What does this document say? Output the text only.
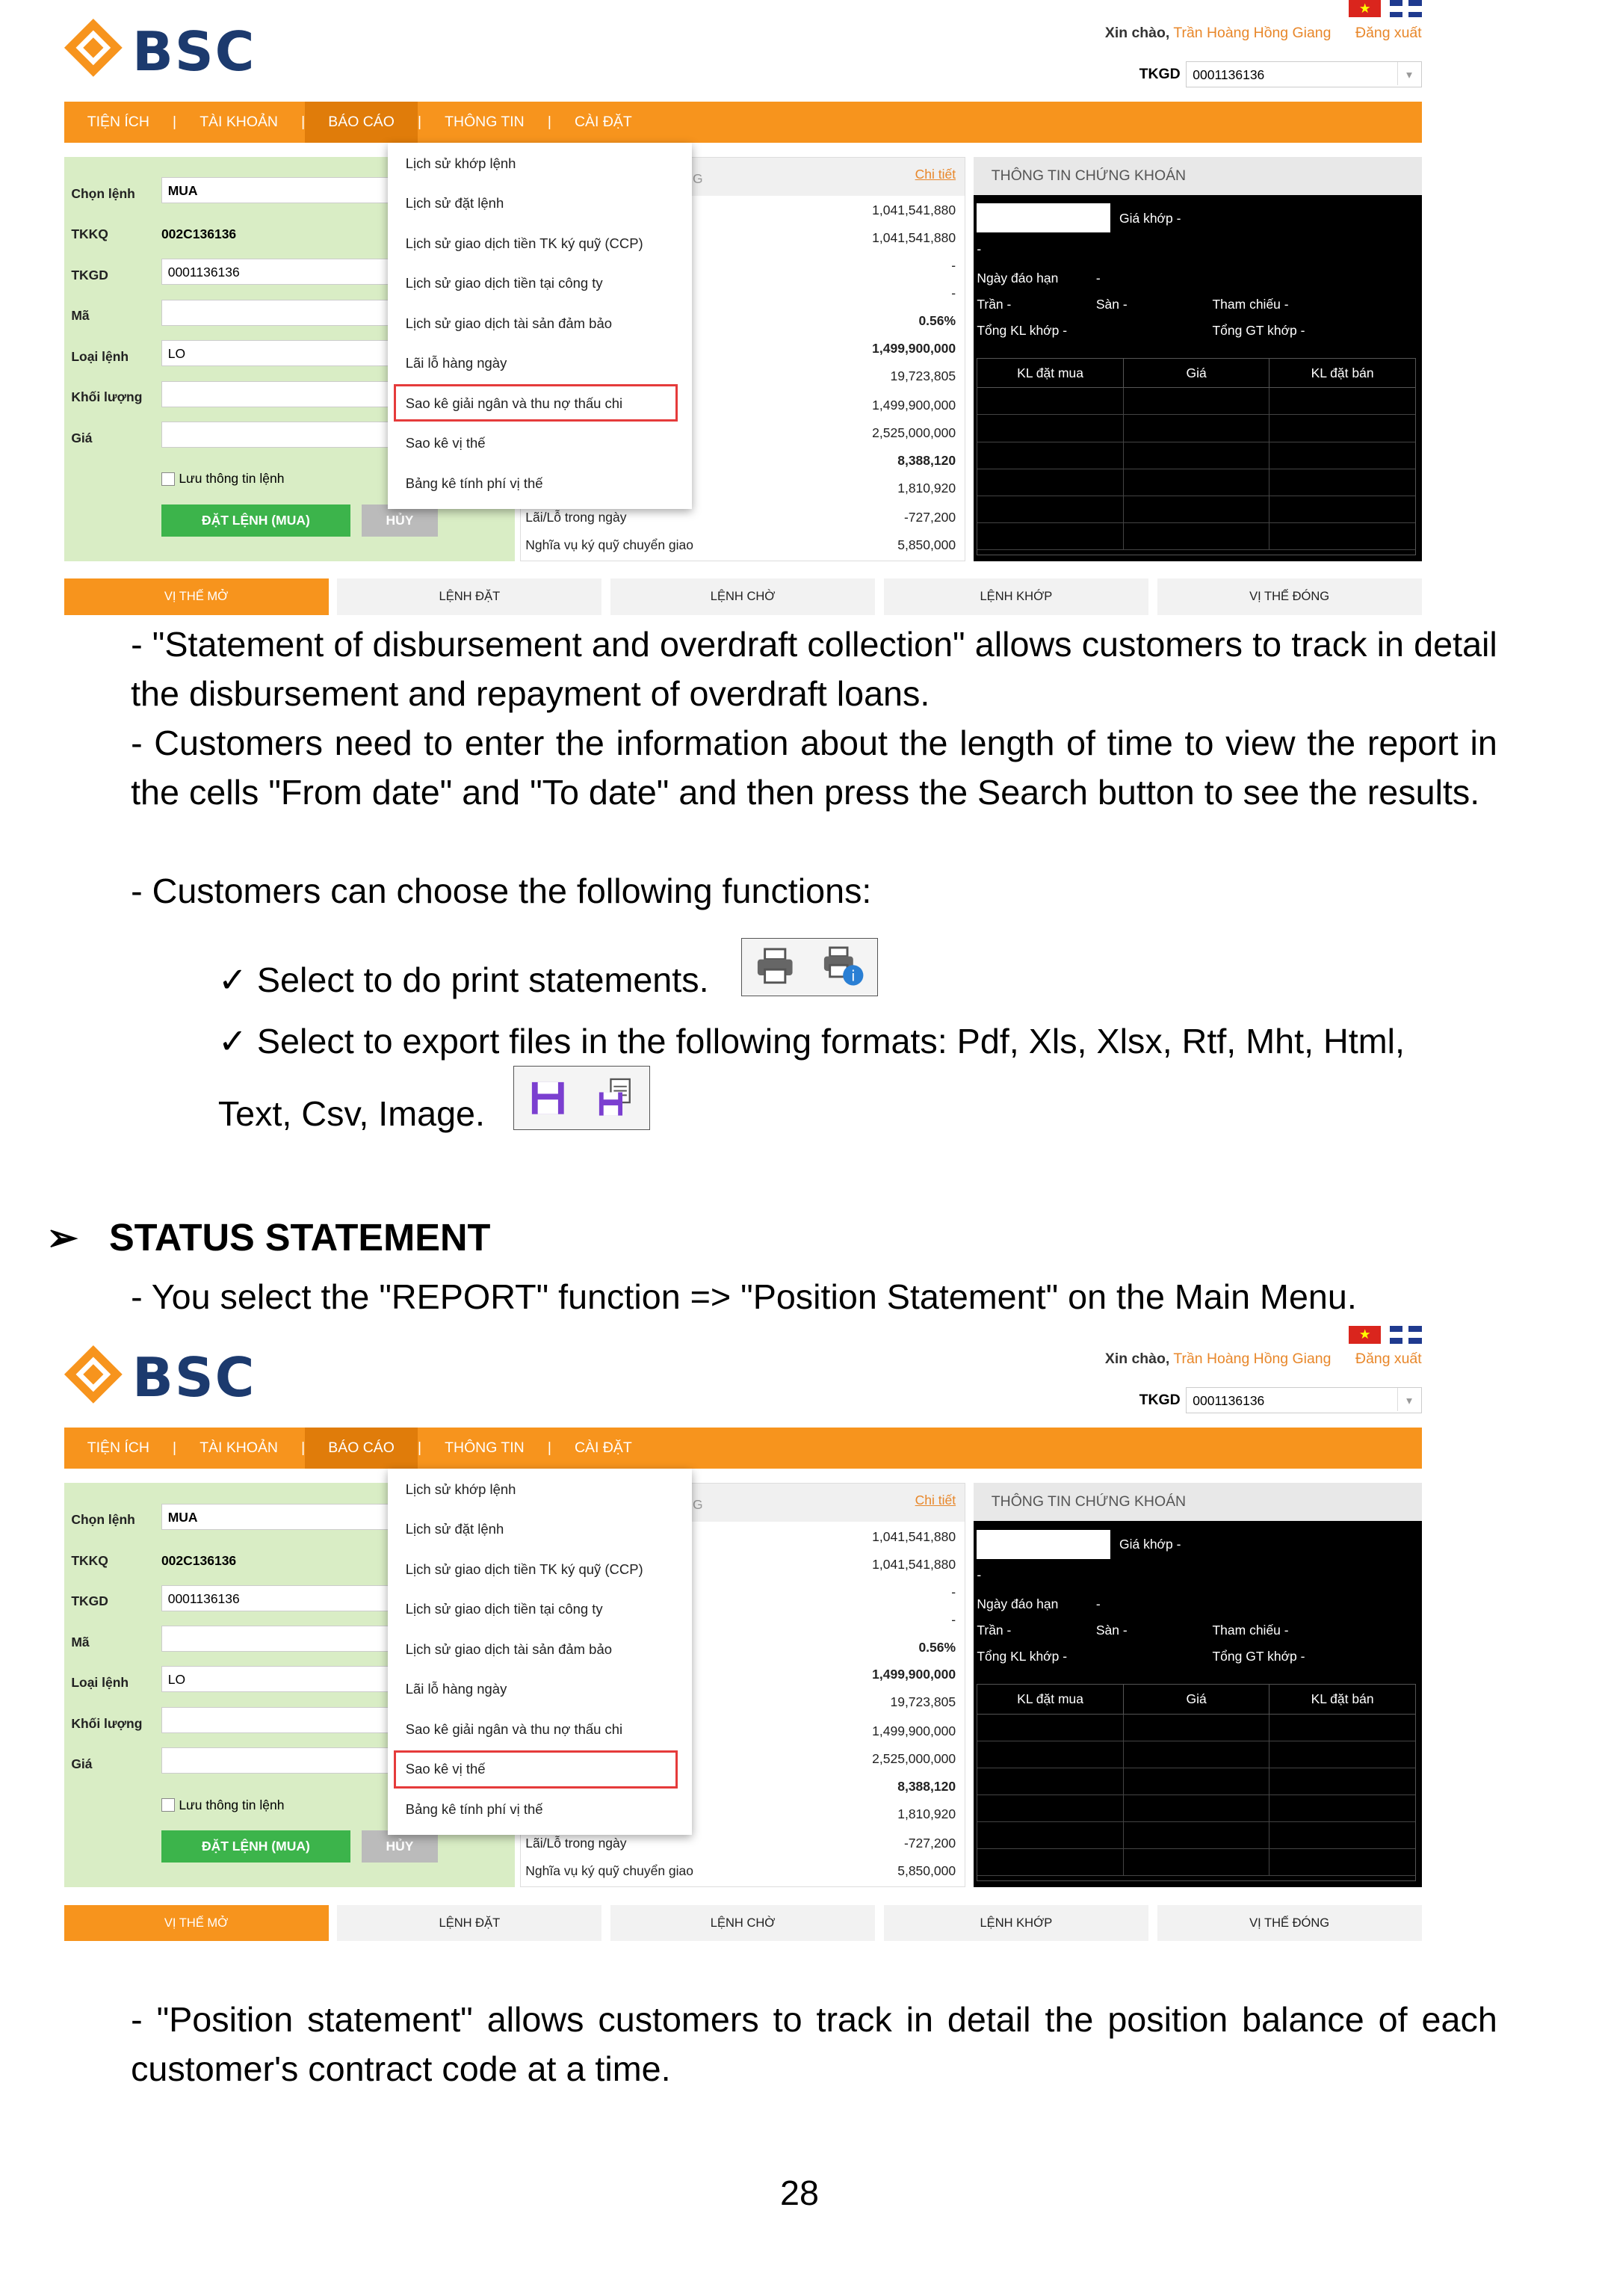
BSC
★
Xin chào, Trần Hoàng Hồng Giang	Đăng xuất
TKGD	0001136136 ▾
TIỆN ÍCH	|	TÀI KHOẢN	|	BÁO CÁO	|	THÔNG TIN	|	CÀI ĐẶT
Chọn lệnh	MUA
TKKQ	002C136136
TKGD	0001136136
Mã
Loại lệnh	LO
Khối lượng
Giá
Lưu thông tin lệnh
ĐẶT LỆNH (MUA)	HỦY
G	Chi tiết
1,041,541,880
1,041,541,880
-
-
0.56%
1,499,900,000
19,723,805
1,499,900,000
2,525,000,000
8,388,120
1,810,920
Lãi/Lỗ trong ngày	-727,200
Nghĩa vụ ký quỹ chuyển giao	5,850,000
THÔNG TIN CHỨNG KHOÁN
Giá khớp -
-
Ngày đáo hạn	-
Trần -	Sàn -	Tham chiếu -
Tổng KL khớp -	Tổng GT khớp -
KL đặt mua	Giá	KL đặt bán
Lịch sử khớp lệnh
Lịch sử đặt lệnh
Lịch sử giao dịch tiền TK ký quỹ (CCP)
Lịch sử giao dịch tiền tại công ty
Lịch sử giao dịch tài sản đảm bảo
Lãi lỗ hàng ngày
Sao kê giải ngân và thu nợ thấu chi
Sao kê vị thế
Bảng kê tính phí vị thế
VỊ THẾ MỞ	LỆNH ĐẶT	LỆNH CHỜ	LỆNH KHỚP	VỊ THẾ ĐÓNG
- "Statement of disbursement and overdraft collection" allows customers to track in detail the disbursement and repayment of overdraft loans.
- Customers need to enter the information about the length of time to view the report in the cells "From date" and "To date" and then press the Search button to see the results.
- Customers can choose the following functions:
✓ Select to do print statements.	i
✓ Select to export files in the following formats: Pdf, Xls, Xlsx, Rtf, Mht, Html,
Text, Csv, Image.
➢ STATUS STATEMENT
- You select the "REPORT" function => "Position Statement" on the Main Menu.
BSC
★
Xin chào, Trần Hoàng Hồng Giang	Đăng xuất
TKGD	0001136136 ▾
TIỆN ÍCH	|	TÀI KHOẢN	|	BÁO CÁO	|	THÔNG TIN	|	CÀI ĐẶT
Chọn lệnh	MUA
TKKQ	002C136136
TKGD	0001136136
Mã
Loại lệnh	LO
Khối lượng
Giá
Lưu thông tin lệnh
ĐẶT LỆNH (MUA)	HỦY
G	Chi tiết
1,041,541,880
1,041,541,880
-
-
0.56%
1,499,900,000
19,723,805
1,499,900,000
2,525,000,000
8,388,120
1,810,920
Lãi/Lỗ trong ngày	-727,200
Nghĩa vụ ký quỹ chuyển giao	5,850,000
THÔNG TIN CHỨNG KHOÁN
Giá khớp -
-
Ngày đáo hạn	-
Trần -	Sàn -	Tham chiếu -
Tổng KL khớp -	Tổng GT khớp -
KL đặt mua	Giá	KL đặt bán
Lịch sử khớp lệnh
Lịch sử đặt lệnh
Lịch sử giao dịch tiền TK ký quỹ (CCP)
Lịch sử giao dịch tiền tại công ty
Lịch sử giao dịch tài sản đảm bảo
Lãi lỗ hàng ngày
Sao kê giải ngân và thu nợ thấu chi
Sao kê vị thế
Bảng kê tính phí vị thế
VỊ THẾ MỞ	LỆNH ĐẶT	LỆNH CHỜ	LỆNH KHỚP	VỊ THẾ ĐÓNG
- "Position statement" allows customers to track in detail the position balance of each customer's contract code at a time.
28
